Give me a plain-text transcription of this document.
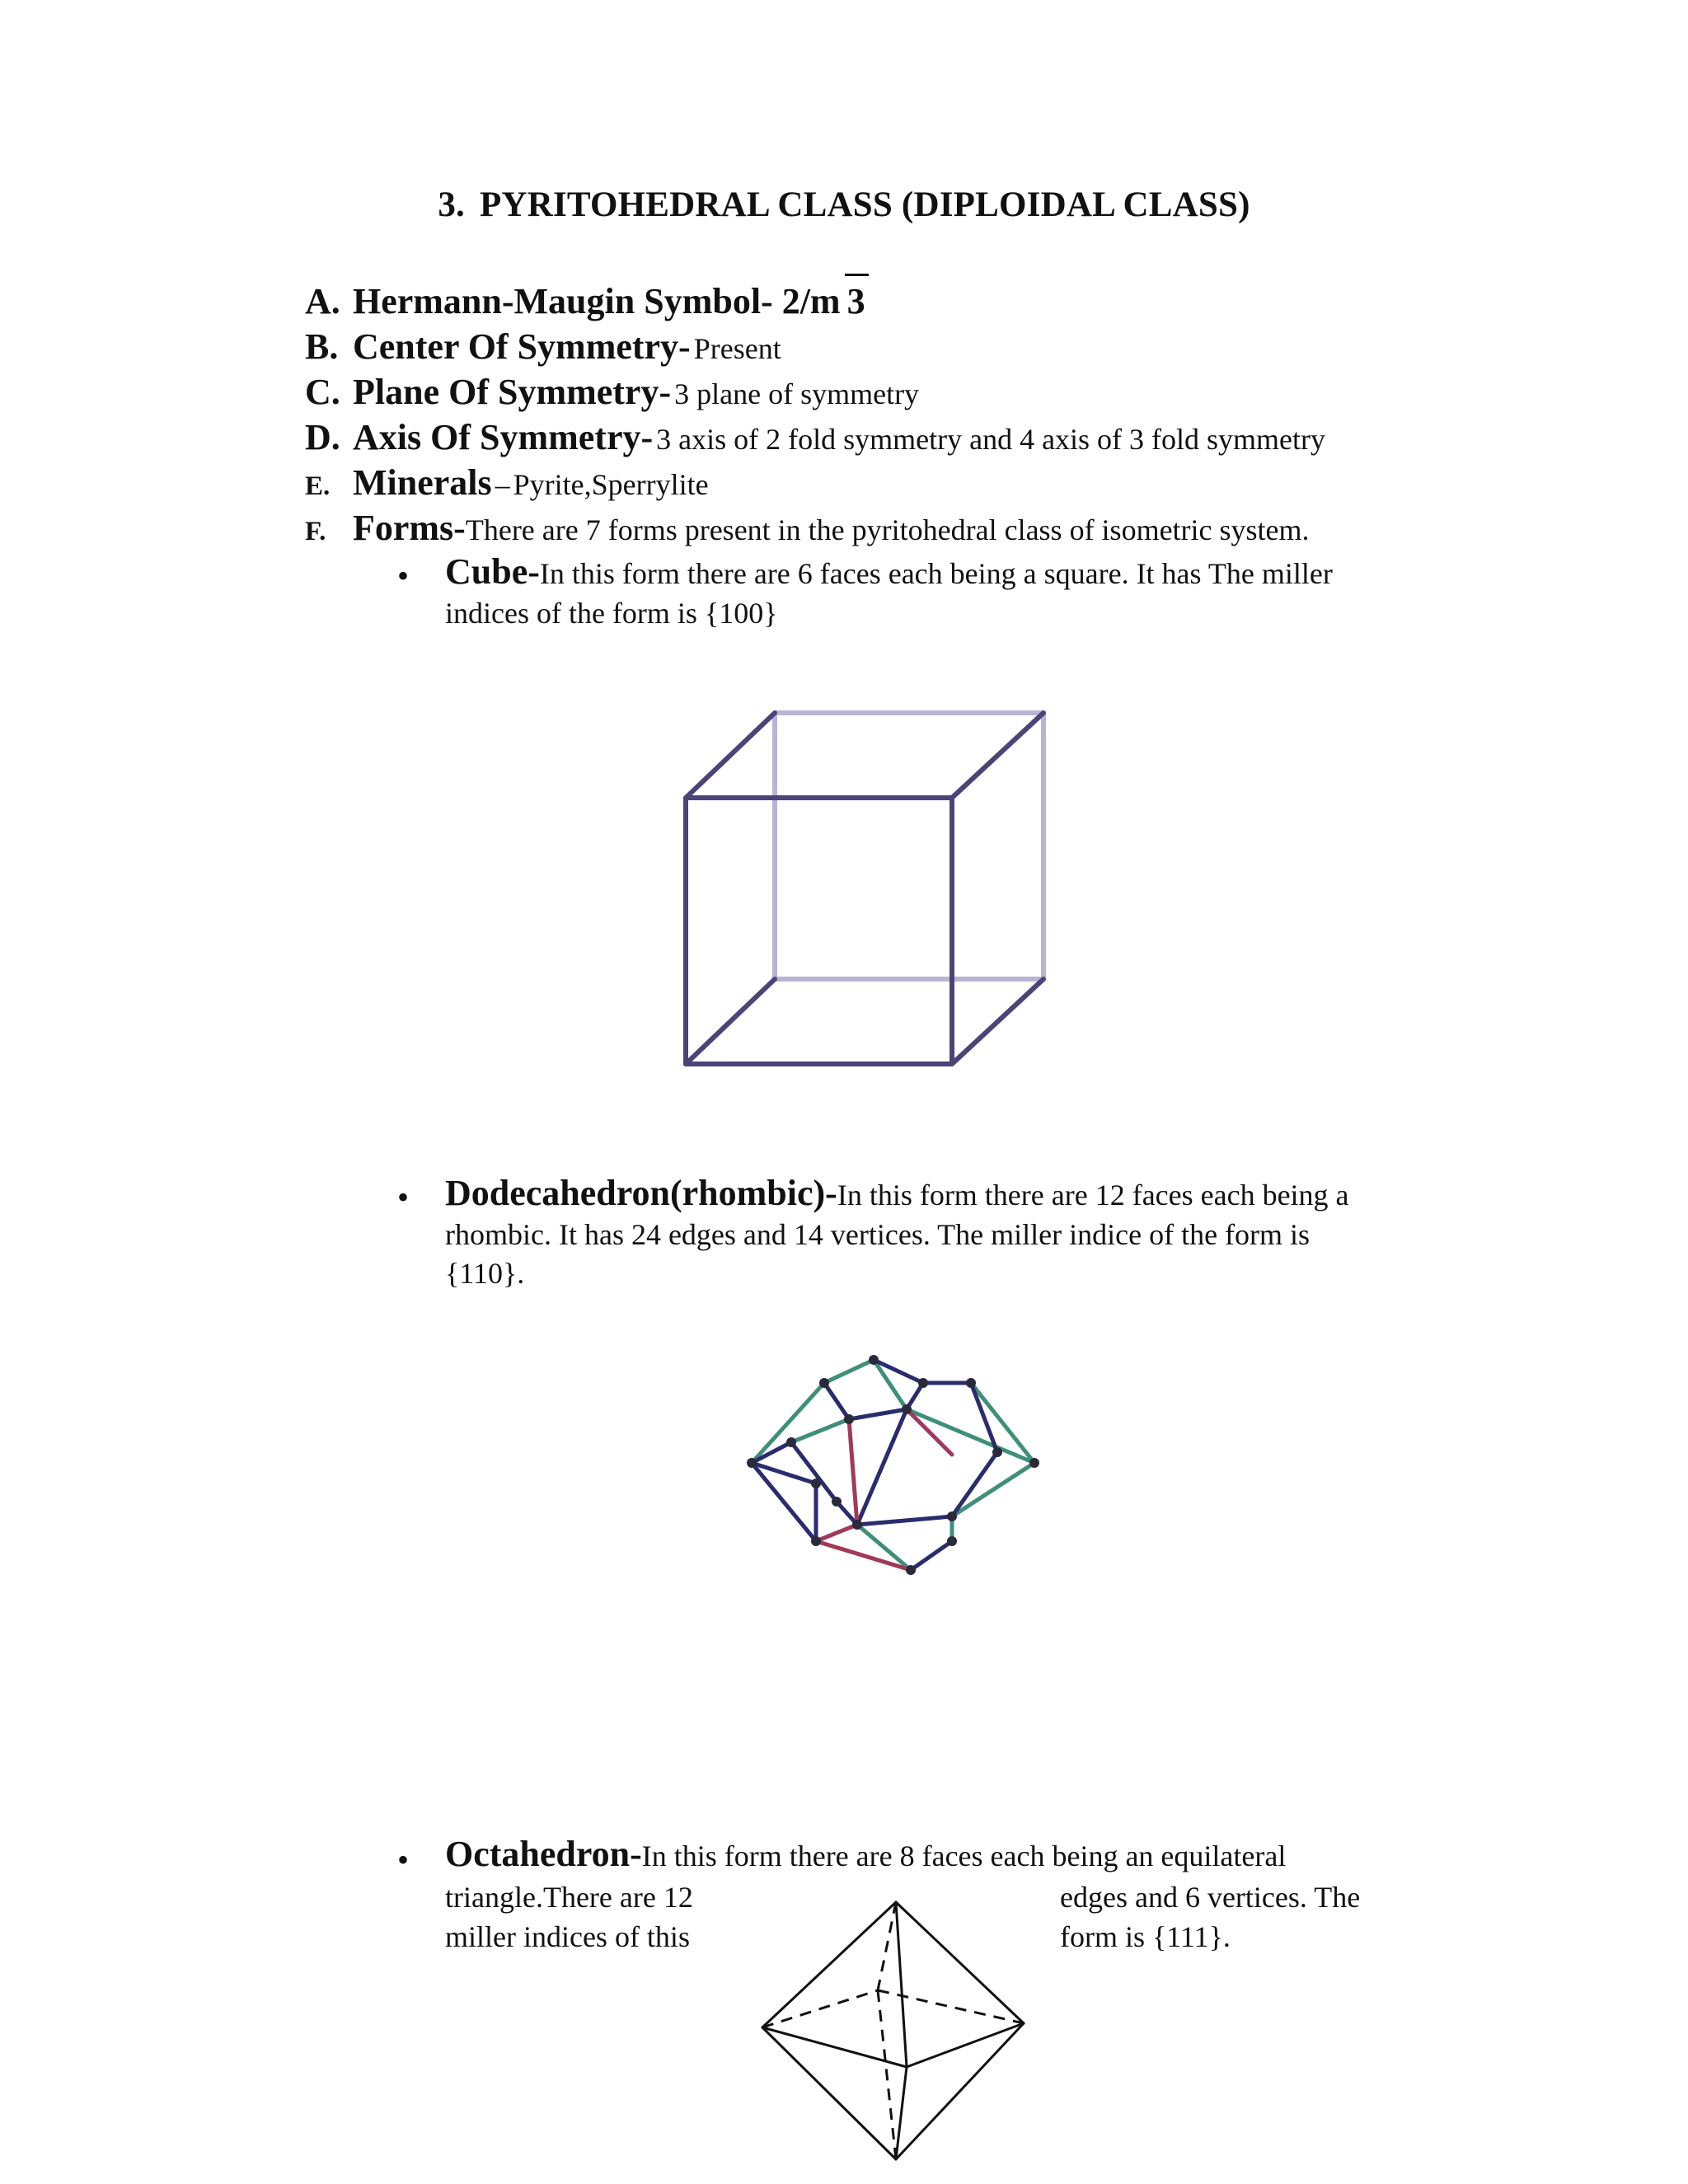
3. PYRITOHEDRAL CLASS (DIPLOIDAL CLASS)
A. Hermann-Maugin Symbol- 2/m 3
B. Center Of Symmetry- Present
C. Plane Of Symmetry- 3 plane of symmetry
D. Axis Of Symmetry- 3 axis of 2 fold symmetry and 4 axis of 3 fold symmetry
E. Minerals – Pyrite,Sperrylite
F. Forms-There are 7 forms present in the pyritohedral class of isometric system.
• Cube-In this form there are 6 faces each being a square. It has The miller
indices of the form is {100}
• Dodecahedron(rhombic)-In this form there are 12 faces each being a
rhombic. It has 24 edges and 14 vertices. The miller indice of the form is
{110}.
• Octahedron-In this form there are 8 faces each being an equilateral
triangle.There are 12	edges and 6 vertices. The
miller indices of this	form is {111}.
